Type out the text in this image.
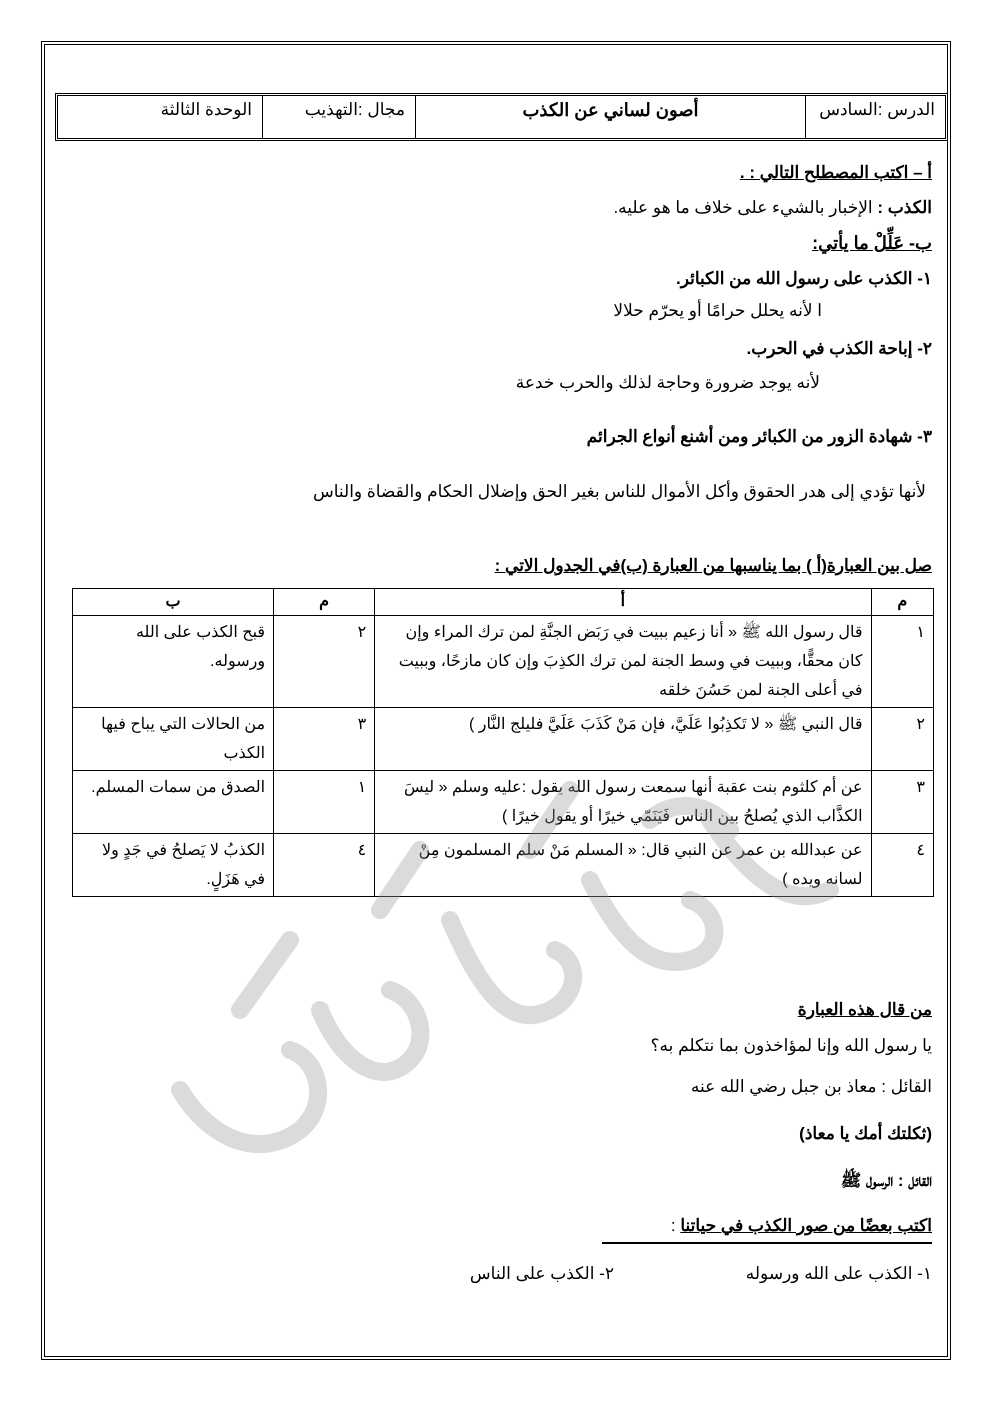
الدرس :السادس
أصون لساني عن الكذب
مجال :التهذيب
الوحدة الثالثة
أ – اكتب المصطلح التالي : .
الكذب : الإخبار بالشيء على خلاف ما هو عليه.
ب- عَلِّلْ ما يأتي:
١- الكذب على رسول الله من الكبائر.
ا لأنه يحلل حرامًا أو يحرّم حلالا
٢- إباحة الكذب في الحرب.
لأنه يوجد ضرورة وحاجة لذلك والحرب خدعة
٣- شهادة الزور من الكبائر ومن أشنع أنواع الجرائم
لأنها تؤدي إلى هدر الحقوق وأكل الأموال للناس بغير الحق وإضلال الحكام والقضاة والناس
صل بين العبارة(أ ) بما يناسبها من العبارة (ب)في الجدول الاتي :
م	أ	م	ب
١	قال رسول الله ﷺ « أنا زعيم ببيت في رَبَض الجنَّةِ لمن ترك المراء وإن كان محقًّا، وببيت في وسط الجنة لمن ترك الكذِبَ وإن كان مازحًا، وببيت في أعلى الجنة لمن حَسُنَ خلقه	٢	قبح الكذب على الله ورسوله.
٢	قال النبي ﷺ « لا تَكذِبُوا عَلَيَّ، فإن مَنْ كَذَبَ عَلَيَّ فليلج النَّار )	٣	من الحالات التي يباح فيها الكذب
٣	عن أم كلثوم بنت عقبة أنها سمعت رسول الله يقول :عليه وسلم « ليسَ الكذَّاب الذي يُصلحُ بين الناس فَيَنَمّي خيرًا أو يقول خيرًا )	١	الصدق من سمات المسلم.
٤	عن عبدالله بن عمر عن النبي قال: « المسلم مَنْ سلم المسلمون مِنْ لسانه ويده )	٤	الكذبُ لا يَصلحُ في جَدٍ ولا في هَزَلٍ.
من قال هذه العبارة
يا رسول الله وإنا لمؤاخذون بما نتكلم به؟
القائل : معاذ بن جبل رضي الله عنه
(ثكلتك أمك يا معاذ)
القائل : الرسول ﷺ
اكتب بعضًا من صور الكذب في حياتنا :
١- الكذب على الله ورسوله
٢- الكذب على الناس
